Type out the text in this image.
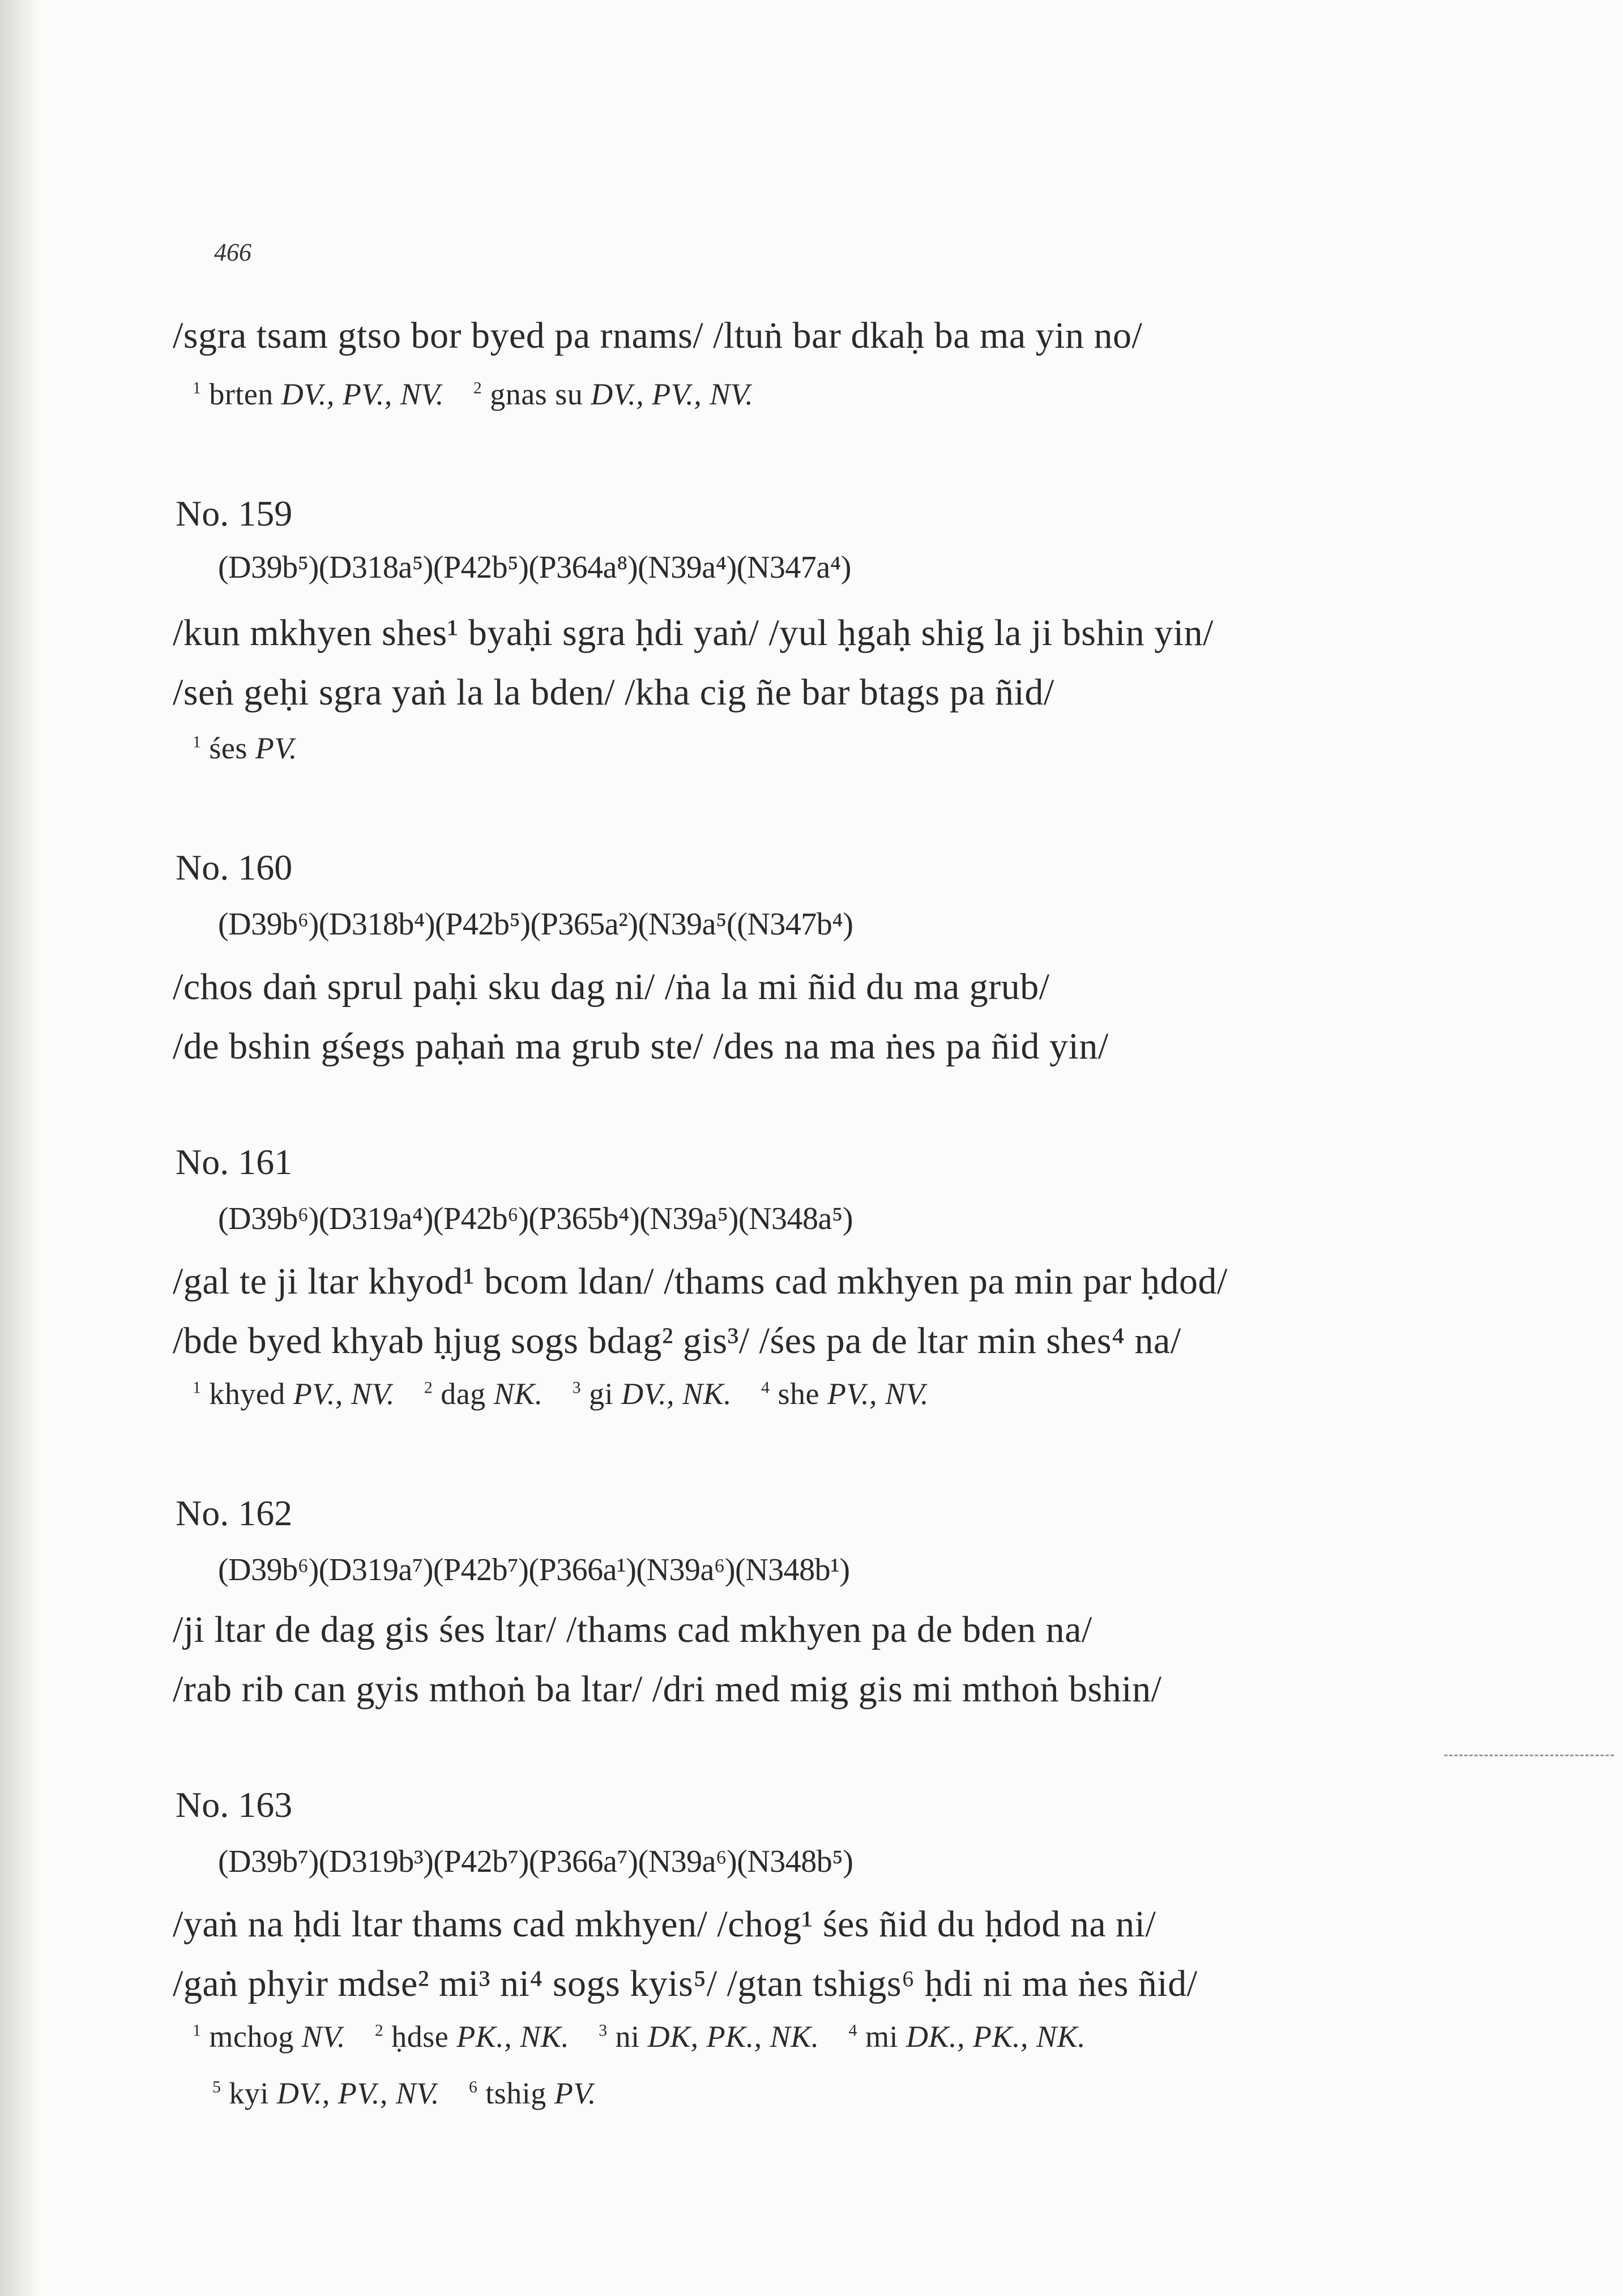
466
/sgra tsam gtso bor byed pa rnams/ /ltuṅ bar dkaḥ ba ma yin no/
$^1$ brten DV., PV., NV. $^2$ gnas su DV., PV., NV.
No. 159
(D39b⁵)(D318a⁵)(P42b⁵)(P364a⁸)(N39a⁴)(N347a⁴)
/kun mkhyen shes¹ byaḥi sgra ḥdi yaṅ/ /yul ḥgaḥ shig la ji bshin yin/
/seṅ geḥi sgra yaṅ la la bden/ /kha cig ñe bar btags pa ñid/
$^1$ śes PV.
No. 160
(D39b⁶)(D318b⁴)(P42b⁵)(P365a²)(N39a⁵((N347b⁴)
/chos daṅ sprul paḥi sku dag ni/ /ṅa la mi ñid du ma grub/
/de bshin gśegs paḥaṅ ma grub ste/ /des na ma ṅes pa ñid yin/
No. 161
(D39b⁶)(D319a⁴)(P42b⁶)(P365b⁴)(N39a⁵)(N348a⁵)
/gal te ji ltar khyod¹ bcom ldan/ /thams cad mkhyen pa min par ḥdod/
/bde byed khyab ḥjug sogs bdag² gis³/ /śes pa de ltar min shes⁴ na/
$^1$ khyed PV., NV. $^2$ dag NK. $^3$ gi DV., NK. $^4$ she PV., NV.
No. 162
(D39b⁶)(D319a⁷)(P42b⁷)(P366a¹)(N39a⁶)(N348b¹)
/ji ltar de dag gis śes ltar/ /thams cad mkhyen pa de bden na/
/rab rib can gyis mthoṅ ba ltar/ /dri med mig gis mi mthoṅ bshin/
No. 163
(D39b⁷)(D319b³)(P42b⁷)(P366a⁷)(N39a⁶)(N348b⁵)
/yaṅ na ḥdi ltar thams cad mkhyen/ /chog¹ śes ñid du ḥdod na ni/
/gaṅ phyir mdse² mi³ ni⁴ sogs kyis⁵/ /gtan tshigs⁶ ḥdi ni ma ṅes ñid/
$^1$ mchog NV. $^2$ ḥdse PK., NK. $^3$ ni DK, PK., NK. $^4$ mi DK., PK., NK.
$^5$ kyi DV., PV., NV. $^6$ tshig PV.
